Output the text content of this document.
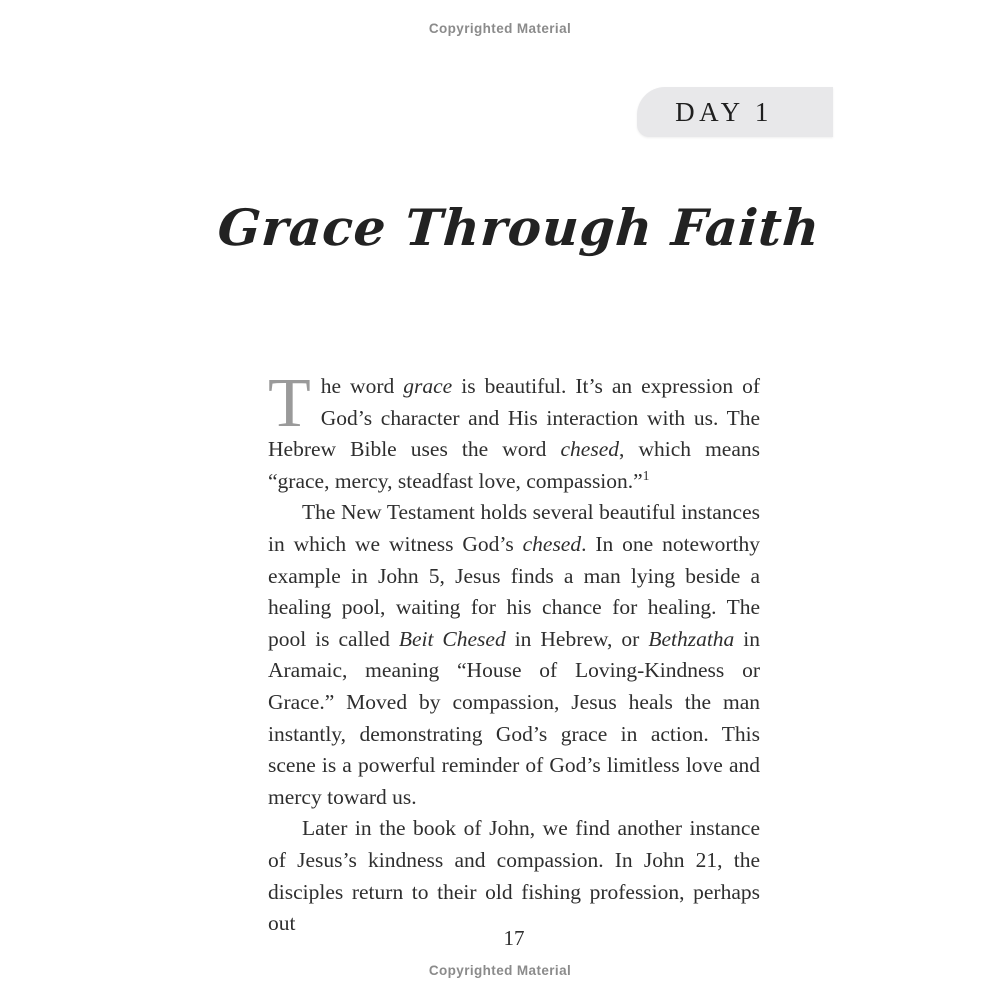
Copyrighted Material
DAY 1
Grace Through Faith

The word grace is beautiful. It’s an expression of God’s character and His interaction with us. The Hebrew Bible uses the word chesed, which means “grace, mercy, steadfast love, compassion.”$^1$

The New Testament holds several beautiful instances in which we witness God’s chesed. In one noteworthy example in John 5, Jesus finds a man lying beside a healing pool, waiting for his chance for healing. The pool is called Beit Chesed in Hebrew, or Bethzatha in Aramaic, meaning “House of Loving-Kindness or Grace.” Moved by compassion, Jesus heals the man instantly, demonstrating God’s grace in action. This scene is a powerful reminder of God’s limitless love and mercy toward us.

Later in the book of John, we find another instance of Jesus’s kindness and compassion. In John 21, the disciples return to their old fishing profession, perhaps out

17
Copyrighted Material
